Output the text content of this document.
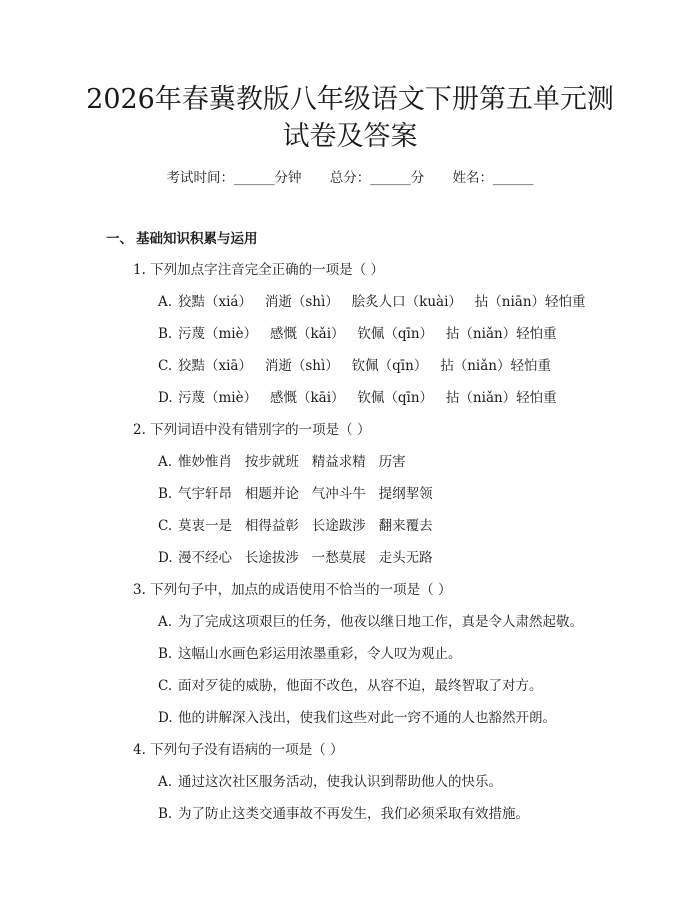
2026年春冀教版八年级语文下册第五单元测
试卷及答案
考试时间：______分钟 总分：______分 姓名：______
一、 基础知识积累与运用
1. 下列加点字注音完全正确的一项是（ ）
A. 狡黠（xiá）   消逝（shì）   脍炙人口（kuài）   拈（niān）轻怕重
B. 污蔑（miè）   感慨（kǎi）   钦佩（qīn）   拈（niǎn）轻怕重
C. 狡黠（xiā）   消逝（shì）   钦佩（qīn）   拈（niǎn）轻怕重
D. 污蔑（miè）   感慨（kāi）   钦佩（qīn）   拈（niǎn）轻怕重
2. 下列词语中没有错别字的一项是（ ）
A. 惟妙惟肖   按步就班   精益求精   历害
B. 气宇轩昂   相题并论   气冲斗牛   提纲挈领
C. 莫衷一是   相得益彰   长途跋涉   翻来覆去
D. 漫不经心   长途拔涉   一愁莫展   走头无路
3. 下列句子中，加点的成语使用不恰当的一项是（ ）
A. 为了完成这项艰巨的任务，他夜以继日地工作，真是令人肃然起敬。
B. 这幅山水画色彩运用浓墨重彩，令人叹为观止。
C. 面对歹徒的威胁，他面不改色，从容不迫，最终智取了对方。
D. 他的讲解深入浅出，使我们这些对此一窍不通的人也豁然开朗。
4. 下列句子没有语病的一项是（ ）
A. 通过这次社区服务活动，使我认识到帮助他人的快乐。
B. 为了防止这类交通事故不再发生，我们必须采取有效措施。
